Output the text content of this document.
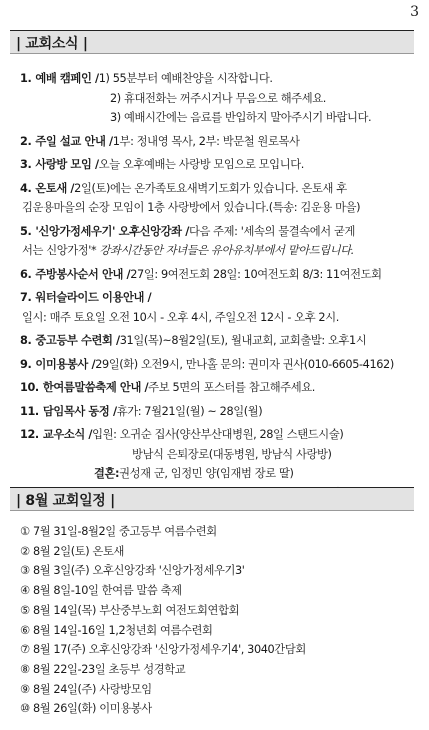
3
| 교회소식 |
1. 예배 캠페인 / 1) 55분부터 예배찬양을 시작합니다.
2) 휴대전화는 꺼주시거나 무음으로 해주세요.
3) 예배시간에는 음료를 반입하지 말아주시기 바랍니다.
2. 주일 설교 안내 / 1부: 정내영 목사, 2부: 박문철 원로목사
3. 사랑방 모임 / 오늘 오후예배는 사랑방 모임으로 모입니다.
4. 온토새 / 2일(토)에는 온가족토요새벽기도회가 있습니다. 온토새 후
김운용마을의 순장 모임이 1층 사랑방에서 있습니다.(특송: 김운용 마을)
5. '신앙가정세우기' 오후신앙강좌 / 다음 주제: '세속의 물결속에서 굳게
서는 신앙가정' * 강좌시간동안 자녀들은 유아유치부에서 맡아드립니다.
6. 주방봉사순서 안내 / 27일: 9여전도회 28일: 10여전도회 8/3: 11여전도회
7. 워터슬라이드 이용안내 /
일시: 매주 토요일 오전 10시 - 오후 4시, 주일오전 12시 - 오후 2시.
8. 중고등부 수련회 / 31일(목)~8월2일(토), 월내교회, 교회출발: 오후1시
9. 이미용봉사 / 29일(화) 오전9시, 만나홀 문의: 권미자 권사(010-6605-4162)
10. 한여름말씀축제 안내 / 주보 5면의 포스터를 참고해주세요.
11. 담임목사 동정 / 휴가: 7월21일(월) ~ 28일(월)
12. 교우소식 / 입원: 오귀순 집사(양산부산대병원, 28일 스탠드시술)
방남식 은퇴장로(대동병원, 방남식 사랑방)
결혼: 권성재 군, 임정민 양(임재범 장로 딸)
| 8월 교회일정 |
① 7월 31일-8월2일 중고등부 여름수련회
② 8월 2일(토) 온토새
③ 8월 3일(주) 오후신앙강좌 '신앙가정세우기3'
④ 8월 8일-10일 한여름 말씀 축제
⑤ 8월 14일(목) 부산중부노회 여전도회연합회
⑥ 8월 14일-16일 1,2청년회 여름수련회
⑦ 8월 17(주) 오후신앙강좌 '신앙가정세우기4', 3040간담회
⑧ 8월 22일-23일 초등부 성경학교
⑨ 8월 24일(주) 사랑방모임
⑩ 8월 26일(화) 이미용봉사
